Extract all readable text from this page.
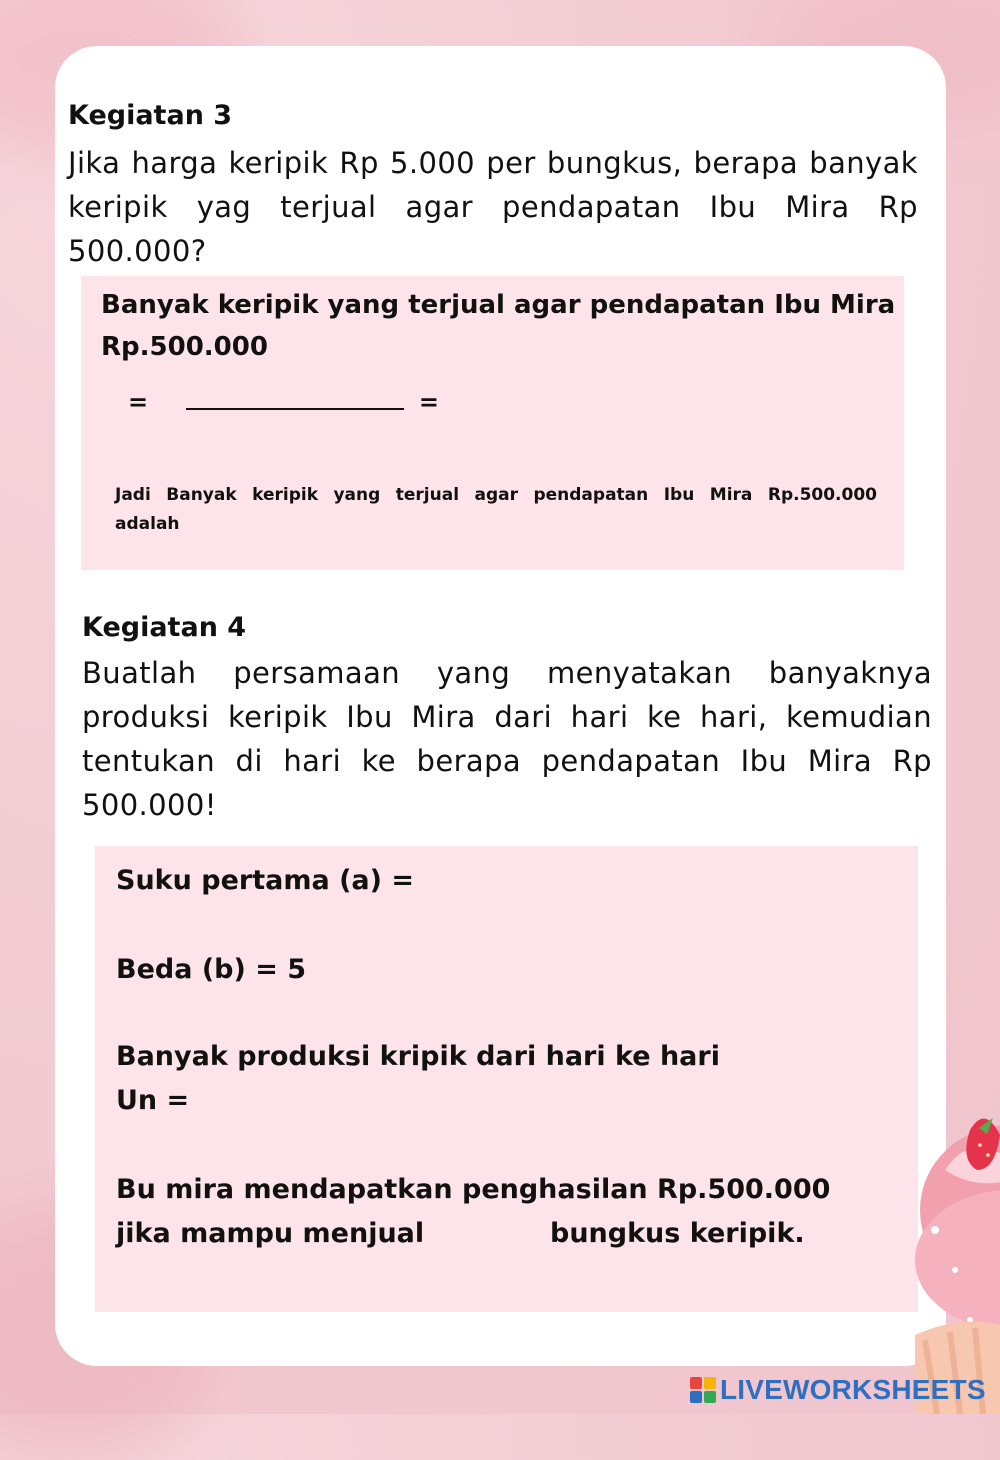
Kegiatan 3
Jika harga keripik Rp 5.000 per bungkus, berapa banyak keripik yag terjual agar pendapatan Ibu Mira Rp 500.000?
Banyak keripik yang terjual agar pendapatan Ibu Mira Rp.500.000
=	=
Jadi Banyak keripik yang terjual agar pendapatan Ibu Mira Rp.500.000 adalah
Kegiatan 4
Buatlah persamaan yang menyatakan banyaknya produksi keripik Ibu Mira dari hari ke hari, kemudian tentukan di hari ke berapa pendapatan Ibu Mira Rp 500.000!
Suku pertama (a) =
Beda (b) = 5
Banyak produksi kripik dari hari ke hari
Un =
Bu mira mendapatkan penghasilan Rp.500.000
jika mampu menjual	bungkus keripik.
LIVEWORKSHEETS
